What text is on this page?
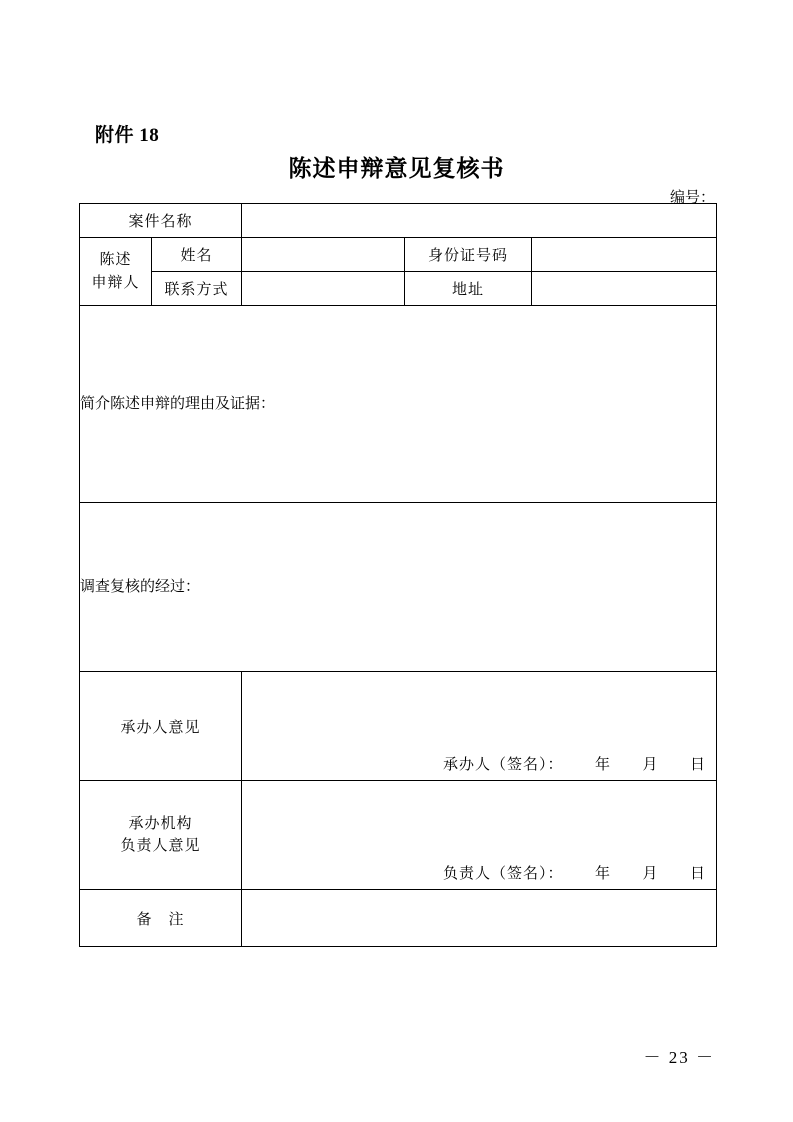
附件 18
陈述申辩意见复核书
编号：
案件名称				

陈述
申辩人	姓名		身份证号码	
	联系方式		地址	

简介陈述申辩的理由及证据：				

调查复核的经过：				

承办人意见		承办人（签名）： 年 月 日		

承办机构
负责人意见		负责人（签名）： 年 月 日		

备　注				
－ 23 －
